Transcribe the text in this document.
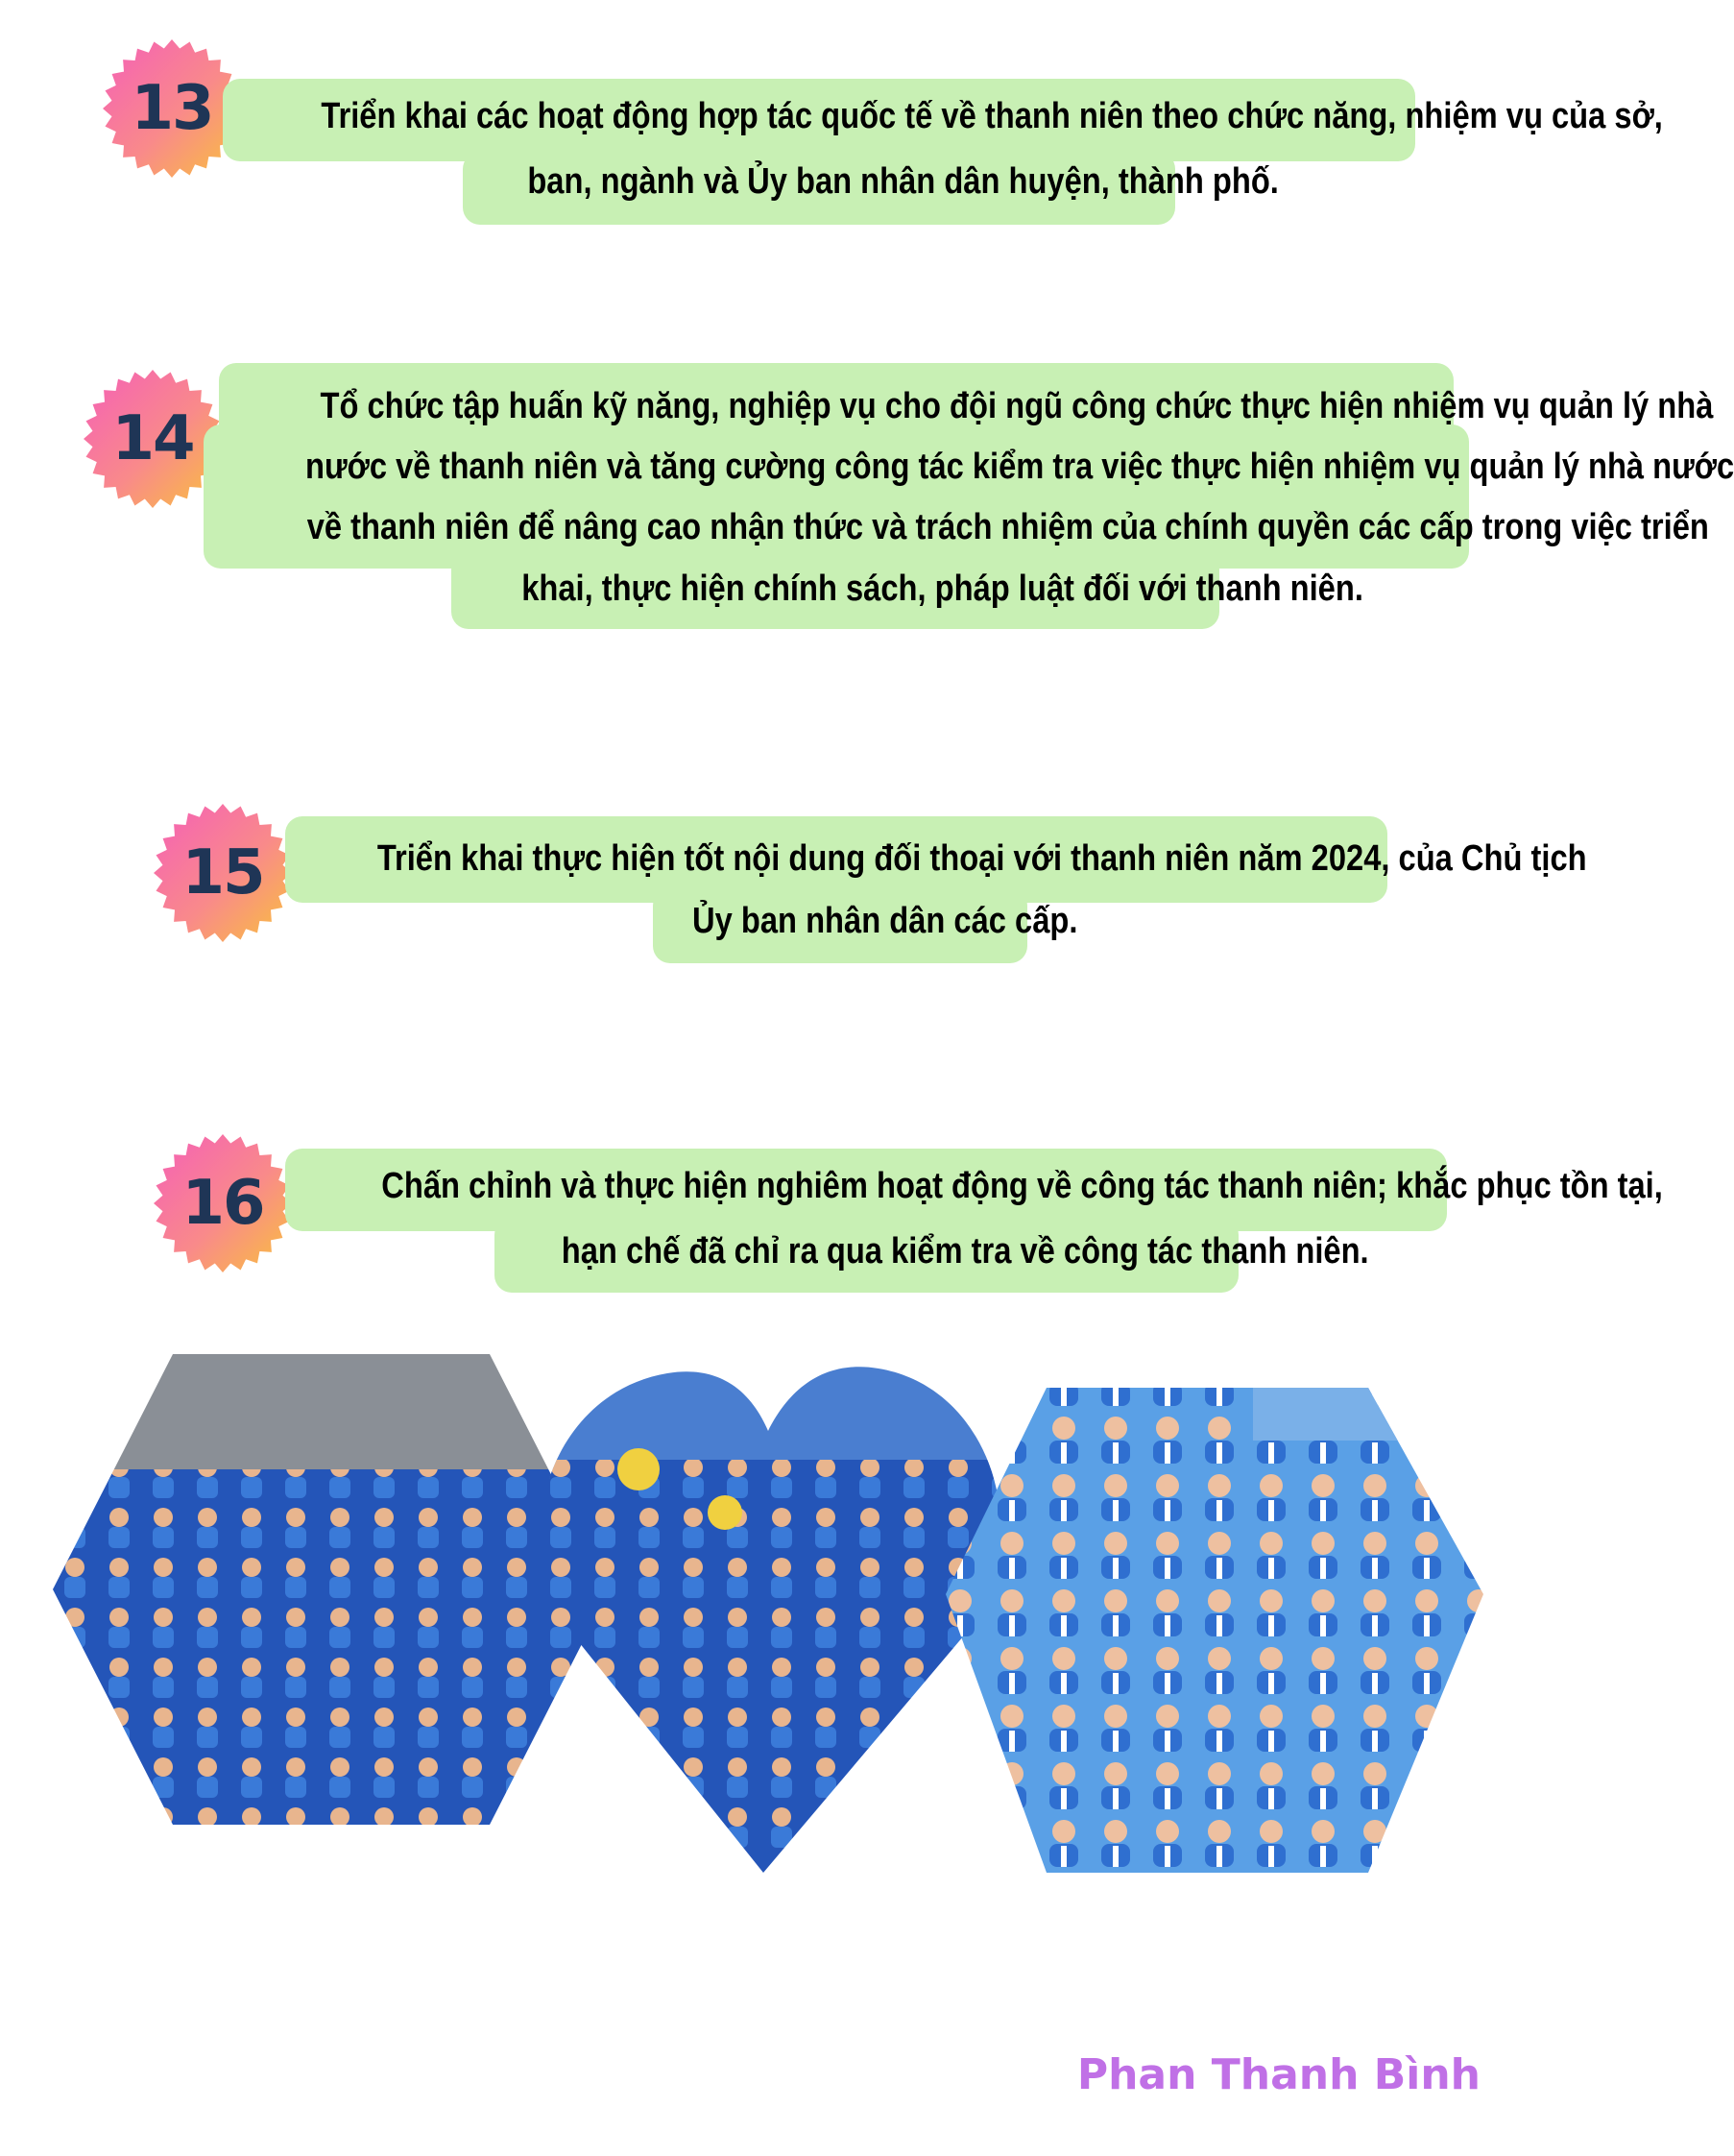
13	Triển khai các hoạt động hợp tác quốc tế về thanh niên theo chức năng, nhiệm vụ của sở,
ban, ngành và Ủy ban nhân dân huyện, thành phố.
14	Tổ chức tập huấn kỹ năng, nghiệp vụ cho đội ngũ công chức thực hiện nhiệm vụ quản lý nhà
nước về thanh niên và tăng cường công tác kiểm tra việc thực hiện nhiệm vụ quản lý nhà nước
về thanh niên để nâng cao nhận thức và trách nhiệm của chính quyền các cấp trong việc triển
khai, thực hiện chính sách, pháp luật đối với thanh niên.
15	Triển khai thực hiện tốt nội dung đối thoại với thanh niên năm 2024, của Chủ tịch
Ủy ban nhân dân các cấp.
16	Chấn chỉnh và thực hiện nghiêm hoạt động về công tác thanh niên; khắc phục tồn tại,
hạn chế đã chỉ ra qua kiểm tra về công tác thanh niên.
Phan Thanh Bình
